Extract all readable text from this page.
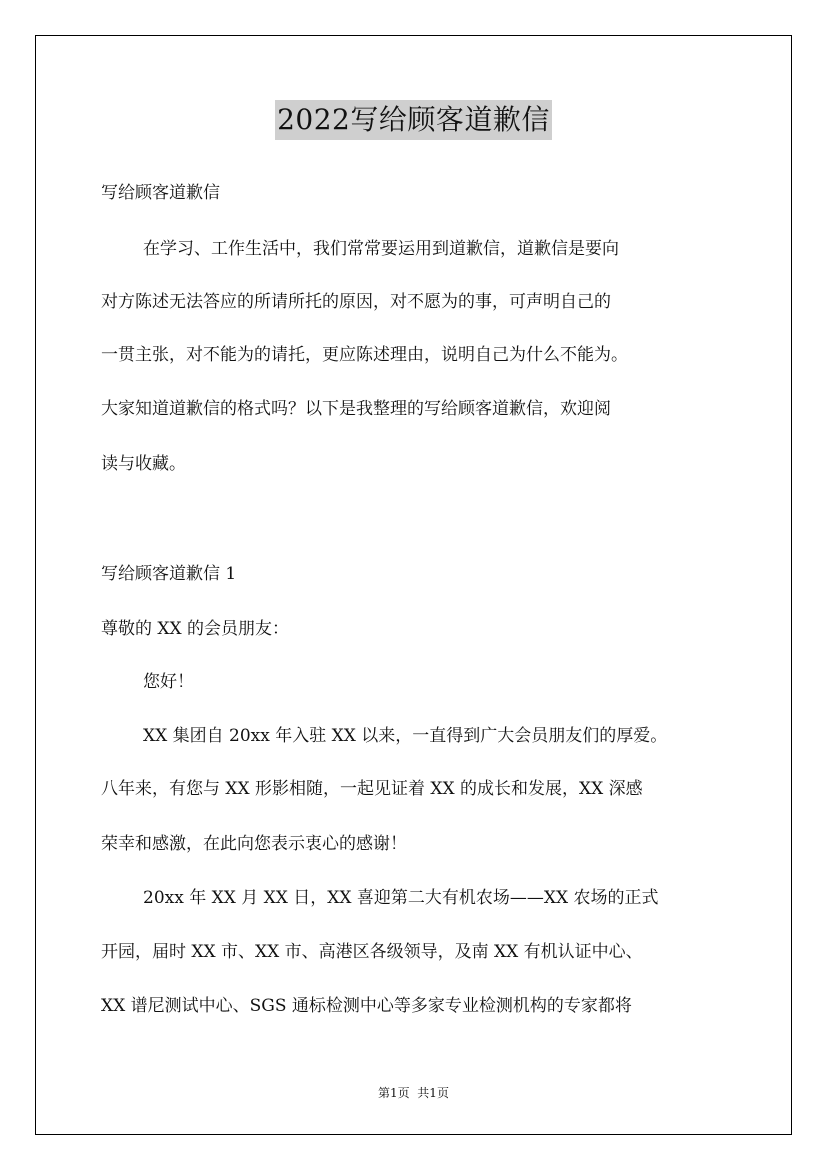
2022写给顾客道歉信
写给顾客道歉信
在学习、工作生活中，我们常常要运用到道歉信，道歉信是要向
对方陈述无法答应的所请所托的原因，对不愿为的事，可声明自己的
一贯主张，对不能为的请托，更应陈述理由，说明自己为什么不能为。
大家知道道歉信的格式吗？以下是我整理的写给顾客道歉信，欢迎阅
读与收藏。
写给顾客道歉信 1
尊敬的 XX 的会员朋友：
您好！
XX 集团自 20xx 年入驻 XX 以来，一直得到广大会员朋友们的厚爱。
八年来，有您与 XX 形影相随，一起见证着 XX 的成长和发展，XX 深感
荣幸和感激，在此向您表示衷心的感谢！
20xx 年 XX 月 XX 日，XX 喜迎第二大有机农场——XX 农场的正式
开园，届时 XX 市、XX 市、高港区各级领导，及南 XX 有机认证中心、
XX 谱尼测试中心、SGS 通标检测中心等多家专业检测机构的专家都将
第1页  共1页
